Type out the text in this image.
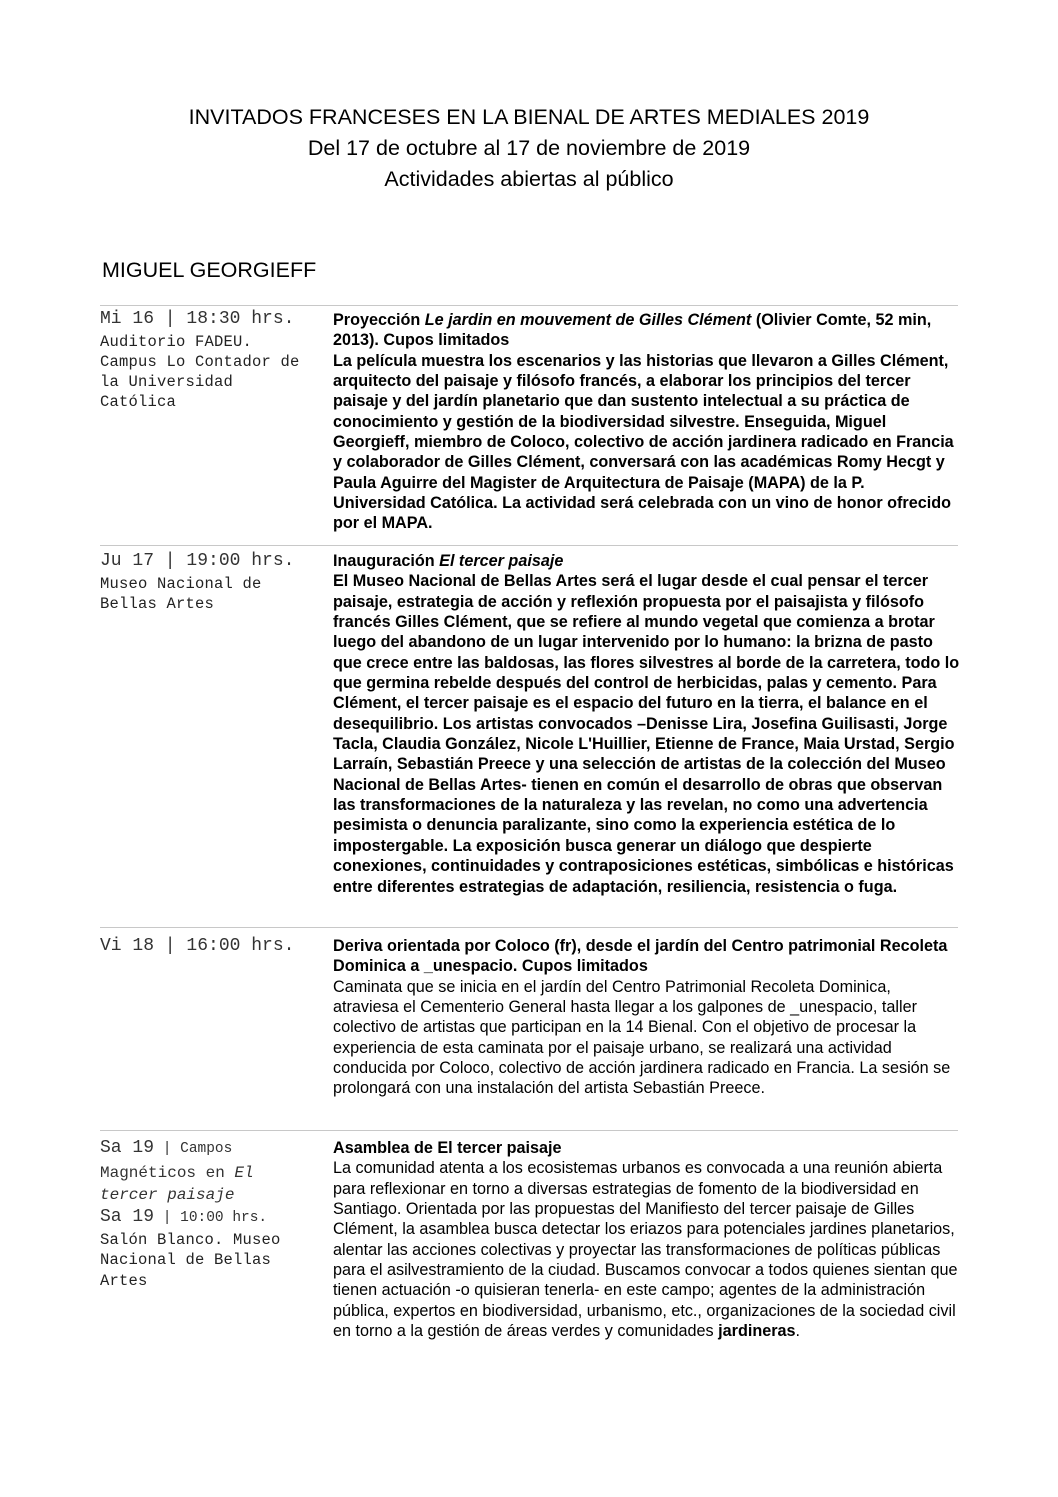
INVITADOS FRANCESES EN LA BIENAL DE ARTES MEDIALES 2019
Del 17 de octubre al 17 de noviembre de 2019
Actividades abiertas al público
MIGUEL GEORGIEFF
Mi 16 | 18:30 hrs.
Auditorio FADEU. Campus Lo Contador de la Universidad Católica
Proyección Le jardin en mouvement de Gilles Clément (Olivier Comte, 52 min, 2013). Cupos limitados

La película muestra los escenarios y las historias que llevaron a Gilles Clément, arquitecto del paisaje y filósofo francés, a elaborar los principios del tercer paisaje y del jardín planetario que dan sustento intelectual a su práctica de conocimiento y gestión de la biodiversidad silvestre. Enseguida, Miguel Georgieff, miembro de Coloco, colectivo de acción jardinera radicado en Francia y colaborador de Gilles Clément, conversará con las académicas Romy Hecgt y Paula Aguirre del Magister de Arquitectura de Paisaje (MAPA) de la P. Universidad Católica. La actividad será celebrada con un vino de honor ofrecido por el MAPA.

Ju 17 | 19:00 hrs.
Museo Nacional de Bellas Artes
Inauguración El tercer paisaje

El Museo Nacional de Bellas Artes será el lugar desde el cual pensar el tercer paisaje, estrategia de acción y reflexión propuesta por el paisajista y filósofo francés Gilles Clément, que se refiere al mundo vegetal que comienza a brotar luego del abandono de un lugar intervenido por lo humano: la brizna de pasto que crece entre las baldosas, las flores silvestres al borde de la carretera, todo lo que germina rebelde después del control de herbicidas, palas y cemento. Para Clément, el tercer paisaje es el espacio del futuro en la tierra, el balance en el desequilibrio. Los artistas convocados –Denisse Lira, Josefina Guilisasti, Jorge Tacla, Claudia González, Nicole L'Huillier, Etienne de France, Maia Urstad, Sergio Larraín, Sebastián Preece y una selección de artistas de la colección del Museo Nacional de Bellas Artes- tienen en común el desarrollo de obras que observan las transformaciones de la naturaleza y las revelan, no como una advertencia pesimista o denuncia paralizante, sino como la experiencia estética de lo impostergable. La exposición busca generar un diálogo que despierte conexiones, continuidades y contraposiciones estéticas, simbólicas e históricas entre diferentes estrategias de adaptación, resiliencia, resistencia o fuga.

Vi 18 | 16:00 hrs.	Deriva orientada por Coloco (fr), desde el jardín del Centro patrimonial Recoleta Dominica a _unespacio. Cupos limitados

Caminata que se inicia en el jardín del Centro Patrimonial Recoleta Dominica, atraviesa el Cementerio General hasta llegar a los galpones de _unespacio, taller colectivo de artistas que participan en la 14 Bienal. Con el objetivo de procesar la experiencia de esta caminata por el paisaje urbano, se realizará una actividad conducida por Coloco, colectivo de acción jardinera radicado en Francia. La sesión se prolongará con una instalación del artista Sebastián Preece.

Sa 19 | Campos
Magnéticos en El tercer paisaje
Sa 19 | 10:00 hrs.
Salón Blanco. Museo Nacional de Bellas Artes
Asamblea de El tercer paisaje

La comunidad atenta a los ecosistemas urbanos es convocada a una reunión abierta para reflexionar en torno a diversas estrategias de fomento de la biodiversidad en Santiago. Orientada por las propuestas del Manifiesto del tercer paisaje de Gilles Clément, la asamblea busca detectar los eriazos para potenciales jardines planetarios, alentar las acciones colectivas y proyectar las transformaciones de políticas públicas para el asilvestramiento de la ciudad. Buscamos convocar a todos quienes sientan que tienen actuación -o quisieran tenerla- en este campo; agentes de la administración pública, expertos en biodiversidad, urbanismo, etc., organizaciones de la sociedad civil en torno a la gestión de áreas verdes y comunidades jardineras.
